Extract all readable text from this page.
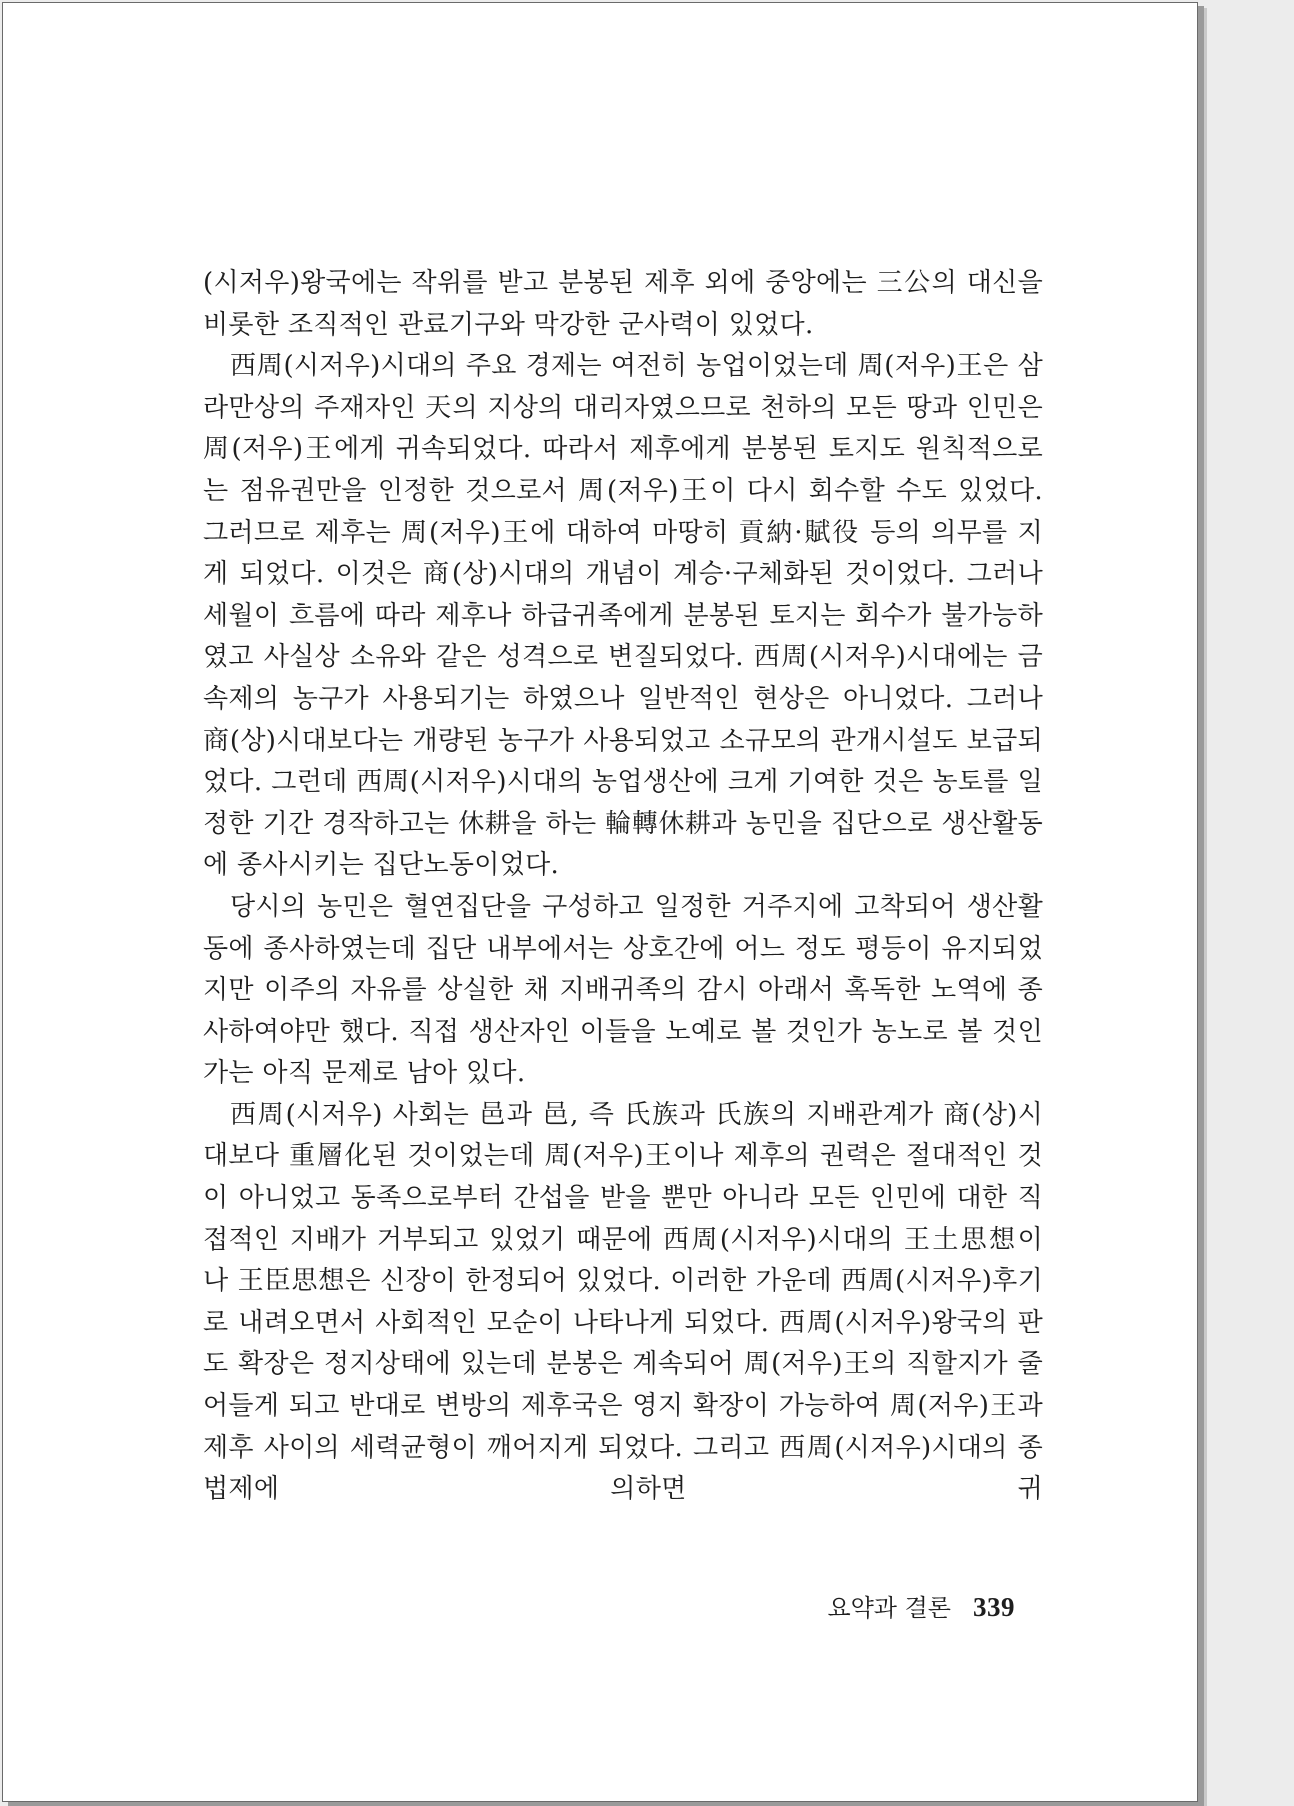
(시저우)왕국에는 작위를 받고 분봉된 제후 외에 중앙에는 三公의 대신을 비롯한 조직적인 관료기구와 막강한 군사력이 있었다.

西周(시저우)시대의 주요 경제는 여전히 농업이었는데 周(저우)王은 삼라만상의 주재자인 天의 지상의 대리자였으므로 천하의 모든 땅과 인민은 周(저우)王에게 귀속되었다. 따라서 제후에게 분봉된 토지도 원칙적으로는 점유권만을 인정한 것으로서 周(저우)王이 다시 회수할 수도 있었다. 그러므로 제후는 周(저우)王에 대하여 마땅히 貢納·賦役 등의 의무를 지게 되었다. 이것은 商(상)시대의 개념이 계승·구체화된 것이었다. 그러나 세월이 흐름에 따라 제후나 하급귀족에게 분봉된 토지는 회수가 불가능하였고 사실상 소유와 같은 성격으로 변질되었다. 西周(시저우)시대에는 금속제의 농구가 사용되기는 하였으나 일반적인 현상은 아니었다. 그러나 商(상)시대보다는 개량된 농구가 사용되었고 소규모의 관개시설도 보급되었다. 그런데 西周(시저우)시대의 농업생산에 크게 기여한 것은 농토를 일정한 기간 경작하고는 休耕을 하는 輪轉休耕과 농민을 집단으로 생산활동에 종사시키는 집단노동이었다.

당시의 농민은 혈연집단을 구성하고 일정한 거주지에 고착되어 생산활동에 종사하였는데 집단 내부에서는 상호간에 어느 정도 평등이 유지되었지만 이주의 자유를 상실한 채 지배귀족의 감시 아래서 혹독한 노역에 종사하여야만 했다. 직접 생산자인 이들을 노예로 볼 것인가 농노로 볼 것인가는 아직 문제로 남아 있다.

西周(시저우) 사회는 邑과 邑, 즉 氏族과 氏族의 지배관계가 商(상)시대보다 重層化된 것이었는데 周(저우)王이나 제후의 권력은 절대적인 것이 아니었고 동족으로부터 간섭을 받을 뿐만 아니라 모든 인민에 대한 직접적인 지배가 거부되고 있었기 때문에 西周(시저우)시대의 王土思想이나 王臣思想은 신장이 한정되어 있었다. 이러한 가운데 西周(시저우)후기로 내려오면서 사회적인 모순이 나타나게 되었다. 西周(시저우)왕국의 판도 확장은 정지상태에 있는데 분봉은 계속되어 周(저우)王의 직할지가 줄어들게 되고 반대로 변방의 제후국은 영지 확장이 가능하여 周(저우)王과 제후 사이의 세력균형이 깨어지게 되었다. 그리고 西周(시저우)시대의 종법제에 의하면 귀

요약과 결론 339
